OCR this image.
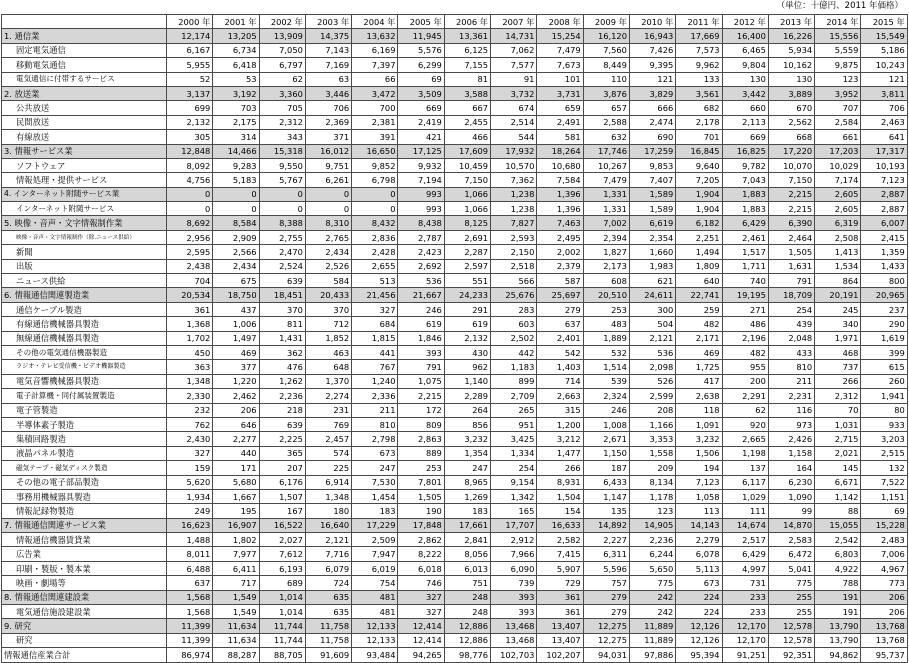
（単位：十億円、2011 年価格）
	2000 年	2001 年	2002 年	2003 年	2004 年	2005 年	2006 年	2007 年	2008 年	2009 年	2010 年	2011 年	2012 年	2013 年	2014 年	2015 年
1. 通信業	12,174	13,205	13,909	14,375	13,632	11,945	13,361	14,731	15,254	16,120	16,943	17,669	16,400	16,226	15,556	15,549
固定電気通信	6,167	6,734	7,050	7,143	6,169	5,576	6,125	7,062	7,479	7,560	7,426	7,573	6,465	5,934	5,559	5,186
移動電気通信	5,955	6,418	6,797	7,169	7,397	6,299	7,155	7,577	7,673	8,449	9,395	9,962	9,804	10,162	9,875	10,243
電気通信に付帯するサービス	52	53	62	63	66	69	81	91	101	110	121	133	130	130	123	121
2. 放送業	3,137	3,192	3,360	3,446	3,472	3,509	3,588	3,732	3,731	3,876	3,829	3,561	3,442	3,889	3,952	3,811
公共放送	699	703	705	706	700	669	667	674	659	657	666	682	660	670	707	706
民間放送	2,132	2,175	2,312	2,369	2,381	2,419	2,455	2,514	2,491	2,588	2,474	2,178	2,113	2,562	2,584	2,463
有線放送	305	314	343	371	391	421	466	544	581	632	690	701	669	668	661	641
3. 情報サービス業	12,848	14,466	15,318	16,012	16,650	17,125	17,609	17,932	18,264	17,746	17,259	16,845	16,825	17,220	17,203	17,317
ソフトウェア	8,092	9,283	9,550	9,751	9,852	9,932	10,459	10,570	10,680	10,267	9,853	9,640	9,782	10,070	10,029	10,193
情報処理・提供サービス	4,756	5,183	5,767	6,261	6,798	7,194	7,150	7,362	7,584	7,479	7,407	7,205	7,043	7,150	7,174	7,123
4. インターネット附随サービス業	0	0	0	0	0	993	1,066	1,238	1,396	1,331	1,589	1,904	1,883	2,215	2,605	2,887
インターネット附随サービス	0	0	0	0	0	993	1,066	1,238	1,396	1,331	1,589	1,904	1,883	2,215	2,605	2,887
5. 映像・音声・文字情報制作業	8,692	8,584	8,388	8,310	8,432	8,438	8,125	7,827	7,463	7,002	6,619	6,182	6,429	6,390	6,319	6,007
映像・音声・文字情報制作（除.ニュース供給）	2,956	2,909	2,755	2,765	2,836	2,787	2,691	2,593	2,495	2,394	2,354	2,251	2,461	2,464	2,508	2,415
新聞	2,595	2,566	2,470	2,434	2,428	2,423	2,287	2,150	2,002	1,827	1,660	1,494	1,517	1,505	1,413	1,359
出版	2,438	2,434	2,524	2,526	2,655	2,692	2,597	2,518	2,379	2,173	1,983	1,809	1,711	1,631	1,534	1,433
ニュース供給	704	675	639	584	513	536	551	566	587	608	621	640	740	791	864	800
6. 情報通信関連製造業	20,534	18,750	18,451	20,433	21,456	21,667	24,233	25,676	25,697	20,510	24,611	22,741	19,195	18,709	20,191	20,965
通信ケーブル製造	361	437	370	370	327	246	291	283	279	253	300	259	271	254	245	237
有線通信機械器具製造	1,368	1,006	811	712	684	619	619	603	637	483	504	482	486	439	340	290
無線通信機械器具製造	1,702	1,497	1,431	1,852	1,815	1,846	2,132	2,502	2,401	1,889	2,121	2,171	2,196	2,048	1,971	1,619
その他の電気通信機器製造	450	469	362	463	441	393	430	442	542	532	536	469	482	433	468	399
ラジオ・テレビ受信機・ビデオ機器製造	363	377	476	648	767	791	962	1,183	1,403	1,514	2,098	1,725	955	810	737	615
電気音響機械器具製造	1,348	1,220	1,262	1,370	1,240	1,075	1,140	899	714	539	526	417	200	211	266	260
電子計算機・同付属装置製造	2,330	2,462	2,236	2,274	2,336	2,215	2,289	2,709	2,663	2,324	2,599	2,638	2,291	2,231	2,312	1,941
電子管製造	232	206	218	231	211	172	264	265	315	246	208	118	62	116	70	80
半導体素子製造	762	646	639	769	810	809	856	951	1,200	1,008	1,166	1,091	920	973	1,031	933
集積回路製造	2,430	2,277	2,225	2,457	2,798	2,863	3,232	3,425	3,212	2,671	3,353	3,232	2,665	2,426	2,715	3,203
液晶パネル製造	327	440	365	574	673	889	1,354	1,334	1,477	1,150	1,558	1,506	1,198	1,158	2,021	2,515
磁気テープ・磁気ディスク製造	159	171	207	225	247	253	247	254	266	187	209	194	137	164	145	132
その他の電子部品製造	5,620	5,680	6,176	6,914	7,530	7,801	8,965	9,154	8,931	6,433	8,134	7,123	6,117	6,230	6,671	7,522
事務用機械器具製造	1,934	1,667	1,507	1,348	1,454	1,505	1,269	1,342	1,504	1,147	1,178	1,058	1,029	1,090	1,142	1,151
情報記録物製造	249	195	167	180	183	190	183	165	154	135	123	113	111	99	88	69
7. 情報通信関連サービス業	16,623	16,907	16,522	16,640	17,229	17,848	17,661	17,707	16,633	14,892	14,905	14,143	14,674	14,870	15,055	15,228
情報通信機器賃貸業	1,488	1,802	2,027	2,121	2,509	2,862	2,841	2,912	2,582	2,227	2,236	2,279	2,517	2,583	2,542	2,483
広告業	8,011	7,977	7,612	7,716	7,947	8,222	8,056	7,966	7,415	6,311	6,244	6,078	6,429	6,472	6,803	7,006
印刷・製版・製本業	6,488	6,411	6,193	6,079	6,019	6,018	6,013	6,090	5,907	5,596	5,650	5,113	4,997	5,041	4,922	4,967
映画・劇場等	637	717	689	724	754	746	751	739	729	757	775	673	731	775	788	773
8. 情報通信関連建設業	1,568	1,549	1,014	635	481	327	248	393	361	279	242	224	233	255	191	206
電気通信施設建設業	1,568	1,549	1,014	635	481	327	248	393	361	279	242	224	233	255	191	206
9. 研究	11,399	11,634	11,744	11,758	12,133	12,414	12,886	13,468	13,407	12,275	11,889	12,126	12,170	12,578	13,790	13,768
研究	11,399	11,634	11,744	11,758	12,133	12,414	12,886	13,468	13,407	12,275	11,889	12,126	12,170	12,578	13,790	13,768
情報通信産業合計	86,974	88,287	88,705	91,609	93,484	94,265	98,776	102,703	102,207	94,031	97,886	95,394	91,251	92,351	94,862	95,737
